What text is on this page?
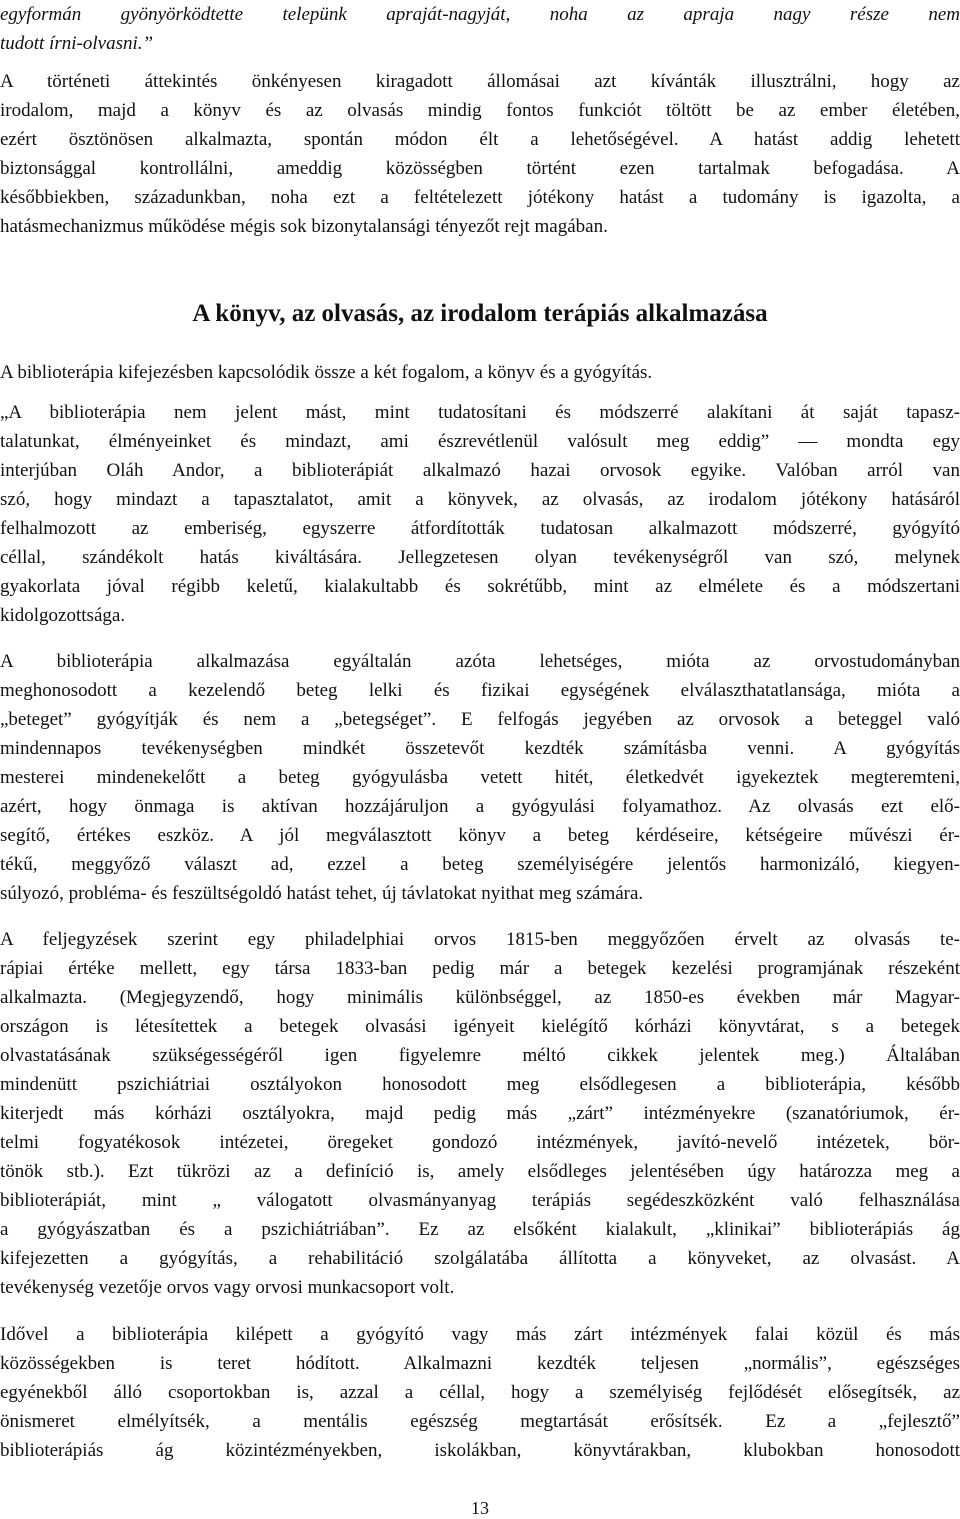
egyformán gyönyörködtette telepünk apraját-nagyját, noha az apraja nagy része nem
tudott írni-olvasni.”
A történeti áttekintés önkényesen kiragadott állomásai azt kívánták illusztrálni, hogy az
irodalom, majd a könyv és az olvasás mindig fontos funkciót töltött be az ember életében,
ezért ösztönösen alkalmazta, spontán módon élt a lehetőségével. A hatást addig lehetett
biztonsággal kontrollálni, ameddig közösségben történt ezen tartalmak befogadása. A
későbbiekben, századunkban, noha ezt a feltételezett jótékony hatást a tudomány is igazolta, a
hatásmechanizmus működése mégis sok bizonytalansági tényezőt rejt magában.
A könyv, az olvasás, az irodalom terápiás alkalmazása
A biblioterápia kifejezésben kapcsolódik össze a két fogalom, a könyv és a gyógyítás.
„A biblioterápia nem jelent mást, mint tudatosítani és módszerré alakítani át saját tapasz-
talatunkat, élményeinket és mindazt, ami észrevétlenül valósult meg eddig” — mondta egy
interjúban Oláh Andor, a biblioterápiát alkalmazó hazai orvosok egyike. Valóban arról van
szó, hogy mindazt a tapasztalatot, amit a könyvek, az olvasás, az irodalom jótékony hatásáról
felhalmozott az emberiség, egyszerre átfordították tudatosan alkalmazott módszerré, gyógyító
céllal, szándékolt hatás kiváltására. Jellegzetesen olyan tevékenységről van szó, melynek
gyakorlata jóval régibb keletű, kialakultabb és sokrétűbb, mint az elmélete és a módszertani
kidolgozottsága.
A biblioterápia alkalmazása egyáltalán azóta lehetséges, mióta az orvostudományban
meghonosodott a kezelendő beteg lelki és fizikai egységének elválaszthatatlansága, mióta a
„beteget” gyógyítják és nem a „betegséget”. E felfogás jegyében az orvosok a beteggel való
mindennapos tevékenységben mindkét összetevőt kezdték számításba venni. A gyógyítás
mesterei mindenekelőtt a beteg gyógyulásba vetett hitét, életkedvét igyekeztek megteremteni,
azért, hogy önmaga is aktívan hozzájáruljon a gyógyulási folyamathoz. Az olvasás ezt elő-
segítő, értékes eszköz. A jól megválasztott könyv a beteg kérdéseire, kétségeire művészi ér-
tékű, meggyőző választ ad, ezzel a beteg személyiségére jelentős harmonizáló, kiegyen-
súlyozó, probléma- és feszültségoldó hatást tehet, új távlatokat nyithat meg számára.
A feljegyzések szerint egy philadelphiai orvos 1815-ben meggyőzően érvelt az olvasás te-
rápiai értéke mellett, egy társa 1833-ban pedig már a betegek kezelési programjának részeként
alkalmazta. (Megjegyzendő, hogy minimális különbséggel, az 1850-es években már Magyar-
országon is létesítettek a betegek olvasási igényeit kielégítő kórházi könyvtárat, s a betegek
olvastatásának szükségességéről igen figyelemre méltó cikkek jelentek meg.) Általában
mindenütt pszichiátriai osztályokon honosodott meg elsődlegesen a biblioterápia, később
kiterjedt más kórházi osztályokra, majd pedig más „zárt” intézményekre (szanatóriumok, ér-
telmi fogyatékosok intézetei, öregeket gondozó intézmények, javító-nevelő intézetek, bör-
tönök stb.). Ezt tükrözi az a definíció is, amely elsődleges jelentésében úgy határozza meg a
biblioterápiát, mint „ válogatott olvasmányanyag terápiás segédeszközként való felhasználása
a gyógyászatban és a pszichiátriában”. Ez az elsőként kialakult, „klinikai” biblioterápiás ág
kifejezetten a gyógyítás, a rehabilitáció szolgálatába állította a könyveket, az olvasást. A
tevékenység vezetője orvos vagy orvosi munkacsoport volt.
Idővel a biblioterápia kilépett a gyógyító vagy más zárt intézmények falai közül és más
közösségekben is teret hódított. Alkalmazni kezdték teljesen „normális”, egészséges
egyénekből álló csoportokban is, azzal a céllal, hogy a személyiség fejlődését elősegítsék, az
önismeret elmélyítsék, a mentális egészség megtartását erősítsék. Ez a „fejlesztő”
biblioterápiás ág közintézményekben, iskolákban, könyvtárakban, klubokban honosodott
13
